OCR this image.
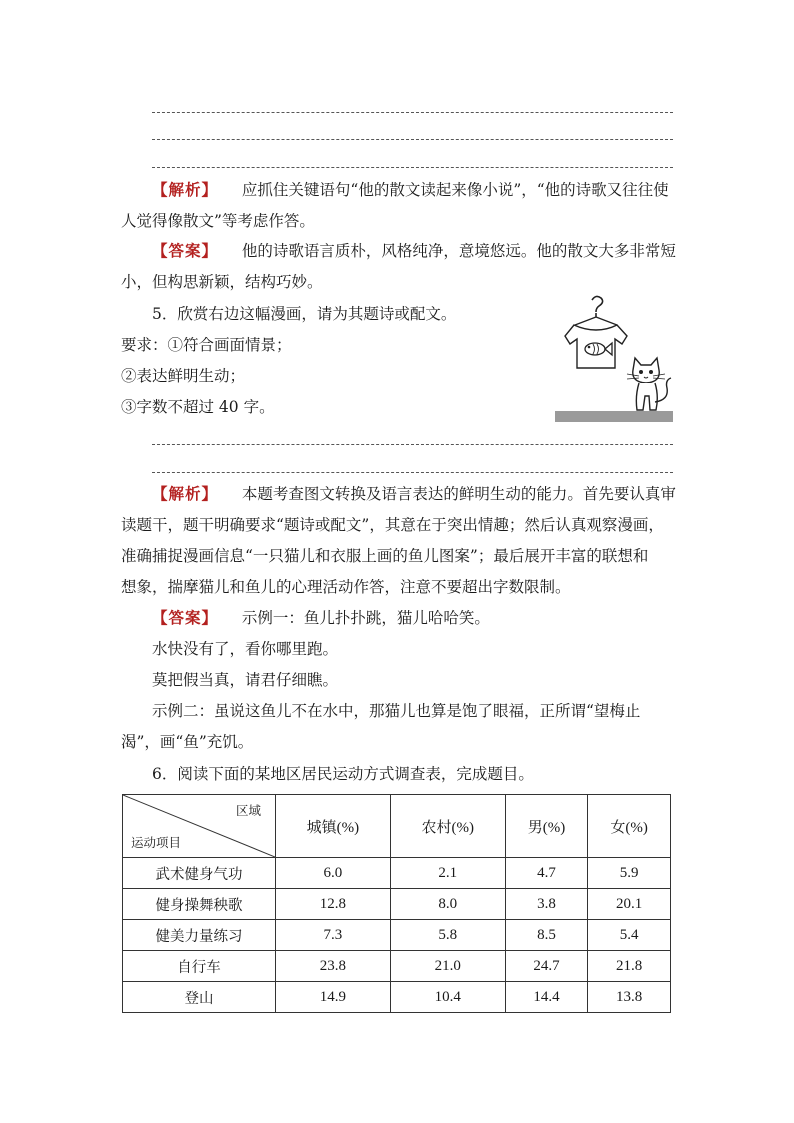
【解析】 应抓住关键语句“他的散文读起来像小说”，“他的诗歌又往往使
人觉得像散文”等考虑作答。
【答案】 他的诗歌语言质朴，风格纯净，意境悠远。他的散文大多非常短
小，但构思新颖，结构巧妙。
5．欣赏右边这幅漫画，请为其题诗或配文。
要求：①符合画面情景；
②表达鲜明生动；
③字数不超过 40 字。
【解析】 本题考查图文转换及语言表达的鲜明生动的能力。首先要认真审
读题干，题干明确要求“题诗或配文”，其意在于突出情趣；然后认真观察漫画，
准确捕捉漫画信息“一只猫儿和衣服上画的鱼儿图案”；最后展开丰富的联想和
想象，揣摩猫儿和鱼儿的心理活动作答，注意不要超出字数限制。
【答案】 示例一：鱼儿扑扑跳，猫儿哈哈笑。
水快没有了，看你哪里跑。
莫把假当真，请君仔细瞧。
示例二：虽说这鱼儿不在水中，那猫儿也算是饱了眼福，正所谓“望梅止
渴”，画“鱼”充饥。
6．阅读下面的某地区居民运动方式调查表，完成题目。
区域
运动项目	城镇(%)	农村(%)	男(%)	女(%)
武术健身气功	6.0	2.1	4.7	5.9
健身操舞秧歌	12.8	8.0	3.8	20.1
健美力量练习	7.3	5.8	8.5	5.4
自行车	23.8	21.0	24.7	21.8
登山	14.9	10.4	14.4	13.8
